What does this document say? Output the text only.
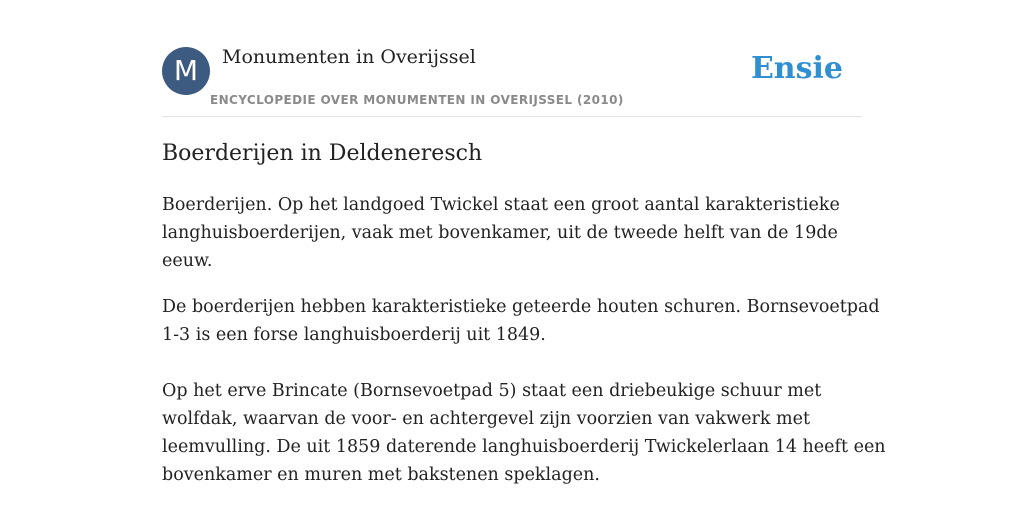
M	Monumenten in Overijssel
ENCYCLOPEDIE OVER MONUMENTEN IN OVERIJSSEL (2010)
Ensie
Boerderijen in Deldeneresch

Boerderijen. Op het landgoed Twickel staat een groot aantal karakteristieke
langhuisboerderijen, vaak met bovenkamer, uit de tweede helft van de 19de
eeuw.

De boerderijen hebben karakteristieke geteerde houten schuren. Bornsevoetpad
1-3 is een forse langhuisboerderij uit 1849.

Op het erve Brincate (Bornsevoetpad 5) staat een driebeukige schuur met
wolfdak, waarvan de voor- en achtergevel zijn voorzien van vakwerk met
leemvulling. De uit 1859 daterende langhuisboerderij Twickelerlaan 14 heeft een
bovenkamer en muren met bakstenen speklagen.
